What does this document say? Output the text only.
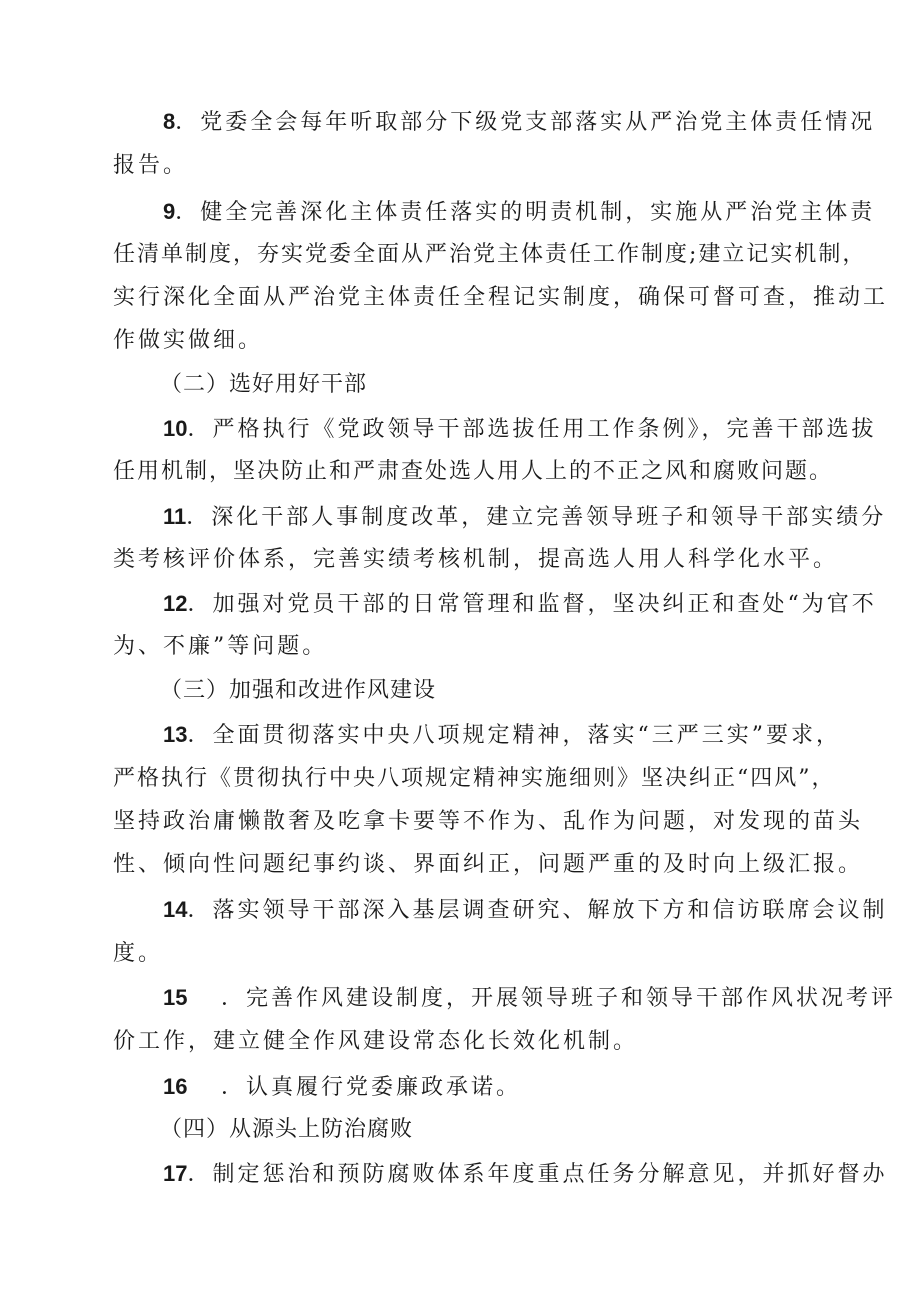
8．党委全会每年听取部分下级党支部落实从严治党主体责任情况
报告。
9．健全完善深化主体责任落实的明责机制，实施从严治党主体责
任清单制度，夯实党委全面从严治党主体责任工作制度;建立记实机制，
实行深化全面从严治党主体责任全程记实制度，确保可督可查，推动工
作做实做细。
（二）选好用好干部
10．严格执行《党政领导干部选拔任用工作条例》，完善干部选拔
任用机制，坚决防止和严肃查处选人用人上的不正之风和腐败问题。
11．深化干部人事制度改革，建立完善领导班子和领导干部实绩分
类考核评价体系，完善实绩考核机制，提高选人用人科学化水平。
12．加强对党员干部的日常管理和监督，坚决纠正和查处“为官不
为、不廉”等问题。
（三）加强和改进作风建设
13．全面贯彻落实中央八项规定精神，落实“三严三实”要求，
严格执行《贯彻执行中央八项规定精神实施细则》坚决纠正“四风”，
坚持政治庸懒散奢及吃拿卡要等不作为、乱作为问题，对发现的苗头
性、倾向性问题纪事约谈、界面纠正，问题严重的及时向上级汇报。
14．落实领导干部深入基层调查研究、解放下方和信访联席会议制
度。
15 ．完善作风建设制度，开展领导班子和领导干部作风状况考评
价工作，建立健全作风建设常态化长效化机制。
16 ．认真履行党委廉政承诺。
（四）从源头上防治腐败
17．制定惩治和预防腐败体系年度重点任务分解意见，并抓好督办
